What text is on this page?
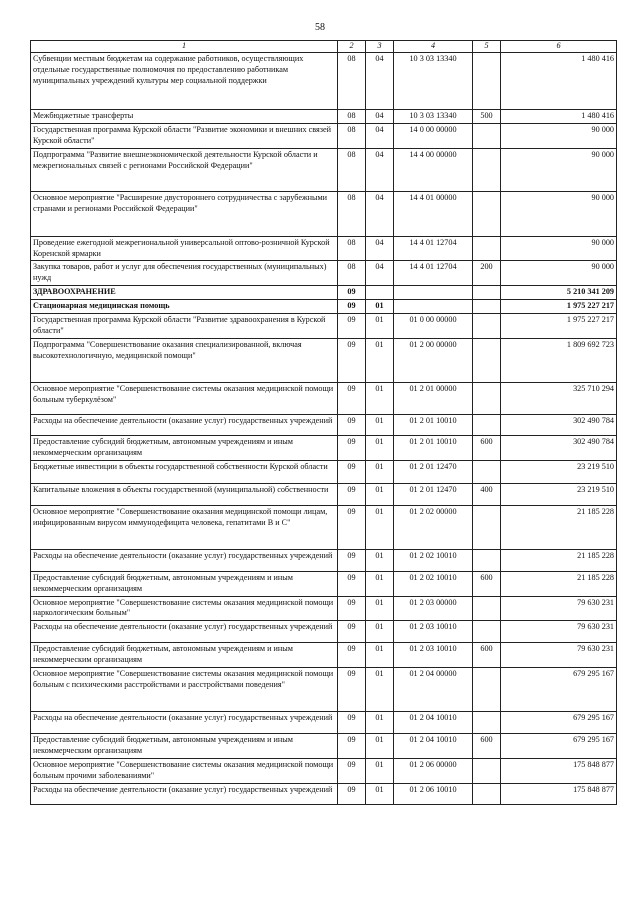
58
1	2	3	4	5	6
Субвенции местным бюджетам на содержание работников, осуществляющих отдельные государственные полномочия по предоставлению работникам муниципальных учреждений культуры мер социальной поддержки	08	04	10 3 03 13340		1 480 416
Межбюджетные трансферты	08	04	10 3 03 13340	500	1 480 416
Государственная программа Курской области "Развитие экономики и внешних связей Курской области"	08	04	14 0 00 00000		90 000
Подпрограмма "Развитие внешнеэкономической деятельности Курской области и межрегиональных связей с регионами Российской Федерации"	08	04	14 4 00 00000		90 000
Основное мероприятие "Расширение двустороннего сотрудничества с зарубежными странами и регионами Российской Федерации"	08	04	14 4 01 00000		90 000
Проведение ежегодной межрегиональной универсальной оптово-розничной Курской Коренской ярмарки	08	04	14 4 01 12704		90 000
Закупка товаров, работ и услуг для обеспечения государственных (муниципальных) нужд	08	04	14 4 01 12704	200	90 000
ЗДРАВООХРАНЕНИЕ	09				5 210 341 209
Стационарная медицинская помощь	09	01			1 975 227 217
Государственная программа Курской области "Развитие здравоохранения в Курской области"	09	01	01 0 00 00000		1 975 227 217
Подпрограмма "Совершенствование оказания специализированной, включая высокотехнологичную, медицинской помощи"	09	01	01 2 00 00000		1 809 692 723
Основное мероприятие "Совершенствование системы оказания медицинской помощи больным туберкулёзом"	09	01	01 2 01 00000		325 710 294
Расходы на обеспечение деятельности (оказание услуг) государственных учреждений	09	01	01 2 01 10010		302 490 784
Предоставление субсидий бюджетным, автономным учреждениям и иным некоммерческим организациям	09	01	01 2 01 10010	600	302 490 784
Бюджетные инвестиции в объекты государственной собственности Курской области	09	01	01 2 01 12470		23 219 510
Капитальные вложения в объекты государственной (муниципальной) собственности	09	01	01 2 01 12470	400	23 219 510
Основное мероприятие "Совершенствование оказания медицинской помощи лицам, инфицированным вирусом иммунодефицита человека, гепатитами В и С"	09	01	01 2 02 00000		21 185 228
Расходы на обеспечение деятельности (оказание услуг) государственных учреждений	09	01	01 2 02 10010		21 185 228
Предоставление субсидий бюджетным, автономным учреждениям и иным некоммерческим организациям	09	01	01 2 02 10010	600	21 185 228
Основное мероприятие "Совершенствование системы оказания медицинской помощи наркологическим больным"	09	01	01 2 03 00000		79 630 231
Расходы на обеспечение деятельности (оказание услуг) государственных учреждений	09	01	01 2 03 10010		79 630 231
Предоставление субсидий бюджетным, автономным учреждениям и иным некоммерческим организациям	09	01	01 2 03 10010	600	79 630 231
Основное мероприятие "Совершенствование системы оказания медицинской помощи больным с психическими расстройствами и расстройствами поведения"	09	01	01 2 04 00000		679 295 167
Расходы на обеспечение деятельности (оказание услуг) государственных учреждений	09	01	01 2 04 10010		679 295 167
Предоставление субсидий бюджетным, автономным учреждениям и иным некоммерческим организациям	09	01	01 2 04 10010	600	679 295 167
Основное мероприятие "Совершенствование системы оказания медицинской помощи больным прочими заболеваниями"	09	01	01 2 06 00000		175 848 877
Расходы на обеспечение деятельности (оказание услуг) государственных учреждений	09	01	01 2 06 10010		175 848 877
